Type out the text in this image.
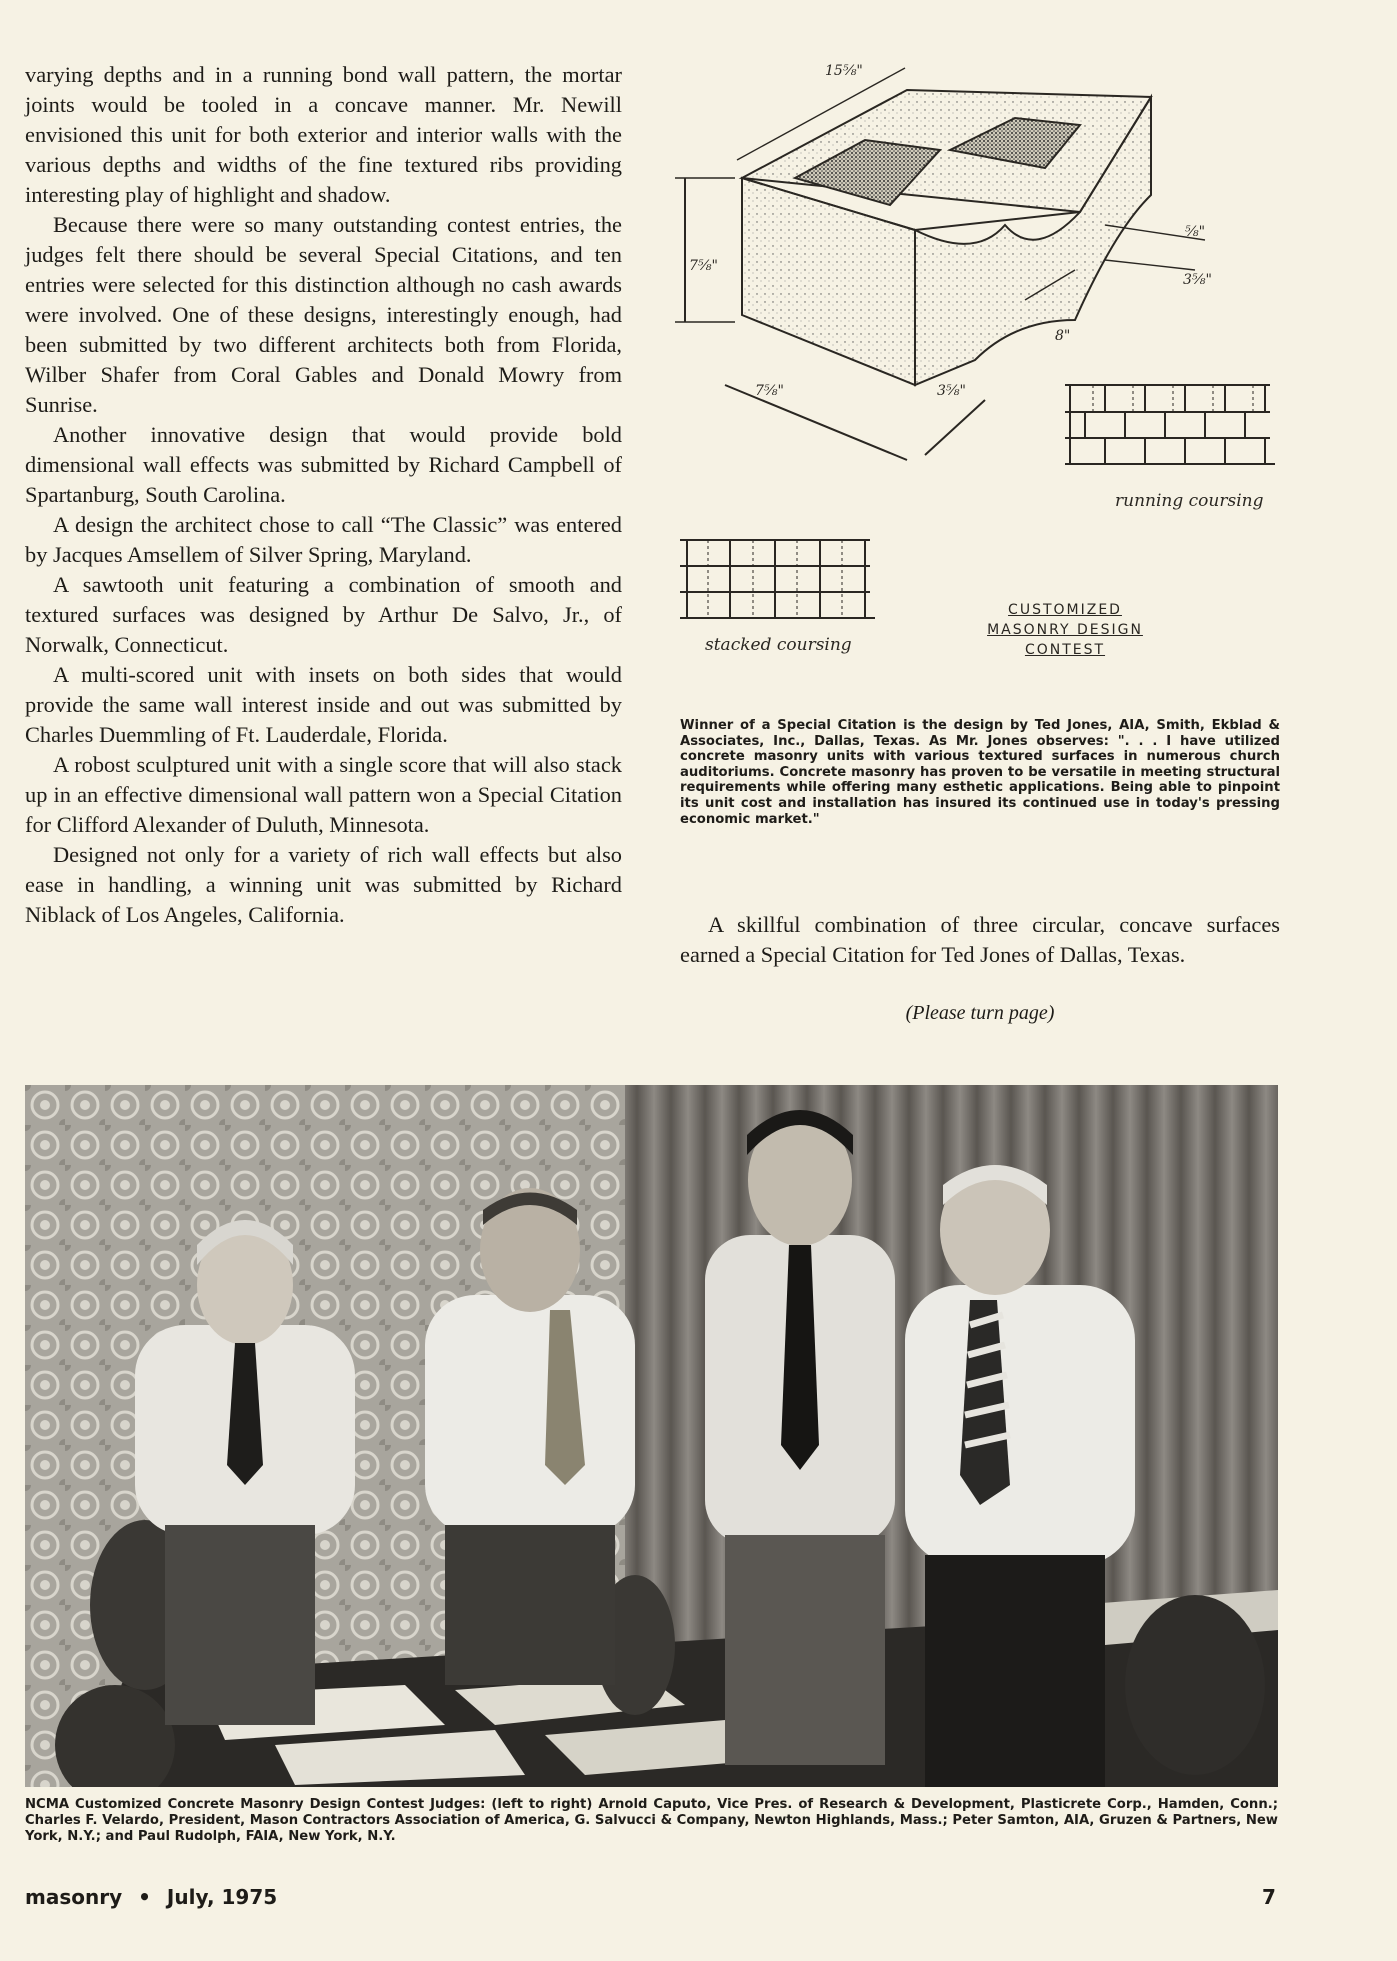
varying depths and in a running bond wall pattern, the mortar joints would be tooled in a concave manner. Mr. Newill envisioned this unit for both exterior and interior walls with the various depths and widths of the fine textured ribs providing interesting play of highlight and shadow.

Because there were so many outstanding contest entries, the judges felt there should be several Special Citations, and ten entries were selected for this distinction although no cash awards were involved. One of these designs, interestingly enough, had been submitted by two different architects both from Florida, Wilber Shafer from Coral Gables and Donald Mowry from Sunrise.

Another innovative design that would provide bold dimensional wall effects was submitted by Richard Campbell of Spartanburg, South Carolina.

A design the architect chose to call “The Classic” was entered by Jacques Amsellem of Silver Spring, Maryland.

A sawtooth unit featuring a combination of smooth and textured surfaces was designed by Arthur De Salvo, Jr., of Norwalk, Connecticut.

A multi-scored unit with insets on both sides that would provide the same wall interest inside and out was submitted by Charles Duemmling of Ft. Lauderdale, Florida.

A robost sculptured unit with a single score that will also stack up in an effective dimensional wall pattern won a Special Citation for Clifford Alexander of Duluth, Minnesota.

Designed not only for a variety of rich wall effects but also ease in handling, a winning unit was submitted by Richard Niblack of Los Angeles, California.

7⅝"
15⅝"
7⅝"	3⅝"
3⅝"
⅝"
8"
running coursing
stacked coursing
CUSTOMIZED
MASONRY DESIGN
CONTEST
Winner of a Special Citation is the design by Ted Jones, AIA, Smith, Ekblad & Associates, Inc., Dallas, Texas. As Mr. Jones observes: ". . . I have utilized concrete masonry units with various textured surfaces in numerous church auditoriums. Concrete masonry has proven to be versatile in meeting structural requirements while offering many esthetic applications. Being able to pinpoint its unit cost and installation has insured its continued use in today's pressing economic market."

A skillful combination of three circular, concave surfaces earned a Special Citation for Ted Jones of Dallas, Texas.

(Please turn page)
NCMA Customized Concrete Masonry Design Contest Judges: (left to right) Arnold Caputo, Vice Pres. of Research & Development, Plasticrete Corp., Hamden, Conn.; Charles F. Velardo, President, Mason Contractors Association of America, G. Salvucci & Company, Newton Highlands, Mass.; Peter Samton, AIA, Gruzen & Partners, New York, N.Y.; and Paul Rudolph, FAIA, New York, N.Y.
masonry • July, 1975	7
